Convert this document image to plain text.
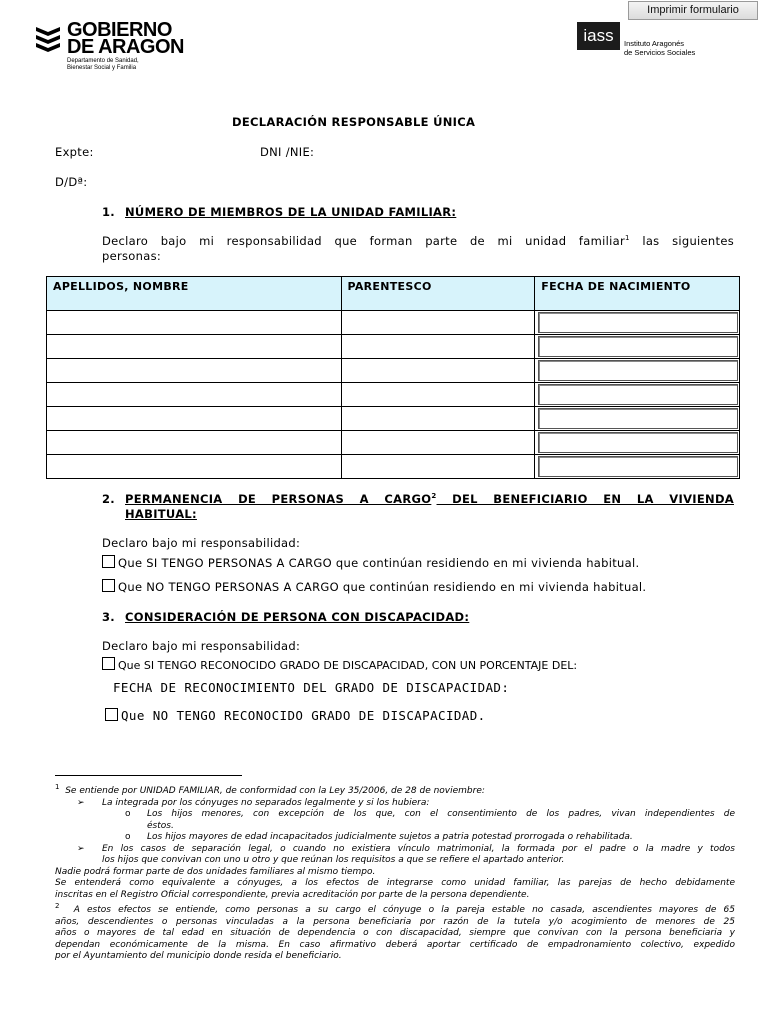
Imprimir formulario
GOBIERNO
DE ARAGON
Departamento de Sanidad,
Bienestar Social y Familia
iass	Instituto Aragonés
de Servicios Sociales
DECLARACIÓN RESPONSABLE ÚNICA
Expte:	DNI /NIE:
D/Dª:
1. NÚMERO DE MIEMBROS DE LA UNIDAD FAMILIAR:
Declaro bajo mi responsabilidad que forman parte de mi unidad familiar$^1$ las siguientes
personas:
APELLIDOS, NOMBRE	PARENTESCO	FECHA DE NACIMIENTO

2. PERMANENCIA DE PERSONAS A CARGO$^2$ DEL BENEFICIARIO EN LA VIVIENDA
HABITUAL:
Declaro bajo mi responsabilidad:
Que SI TENGO PERSONAS A CARGO que continúan residiendo en mi vivienda habitual.
Que NO TENGO PERSONAS A CARGO que continúan residiendo en mi vivienda habitual.
3. CONSIDERACIÓN DE PERSONA CON DISCAPACIDAD:
Declaro bajo mi responsabilidad:
Que SI TENGO RECONOCIDO GRADO DE DISCAPACIDAD, CON UN PORCENTAJE DEL:
FECHA DE RECONOCIMIENTO DEL GRADO DE DISCAPACIDAD:
Que NO TENGO RECONOCIDO GRADO DE DISCAPACIDAD.
$^1$ Se entiende por UNIDAD FAMILIAR, de conformidad con la Ley 35/2006, de 28 de noviembre:
➢ La integrada por los cónyuges no separados legalmente y si los hubiera:
o Los hijos menores, con excepción de los que, con el consentimiento de los padres, vivan independientes de
éstos.
o Los hijos mayores de edad incapacitados judicialmente sujetos a patria potestad prorrogada o rehabilitada.
➢ En los casos de separación legal, o cuando no existiera vínculo matrimonial, la formada por el padre o la madre y todos
los hijos que convivan con uno u otro y que reúnan los requisitos a que se refiere el apartado anterior.
Nadie podrá formar parte de dos unidades familiares al mismo tiempo.
Se entenderá como equivalente a cónyuges, a los efectos de integrarse como unidad familiar, las parejas de hecho debidamente
inscritas en el Registro Oficial correspondiente, previa acreditación por parte de la persona dependiente.
$^2$ A estos efectos se entiende, como personas a su cargo el cónyuge o la pareja estable no casada, ascendientes mayores de 65
años, descendientes o personas vinculadas a la persona beneficiaria por razón de la tutela y/o acogimiento de menores de 25
años o mayores de tal edad en situación de dependencia o con discapacidad, siempre que convivan con la persona beneficiaria y
dependan económicamente de la misma. En caso afirmativo deberá aportar certificado de empadronamiento colectivo, expedido
por el Ayuntamiento del municipio donde resida el beneficiario.
